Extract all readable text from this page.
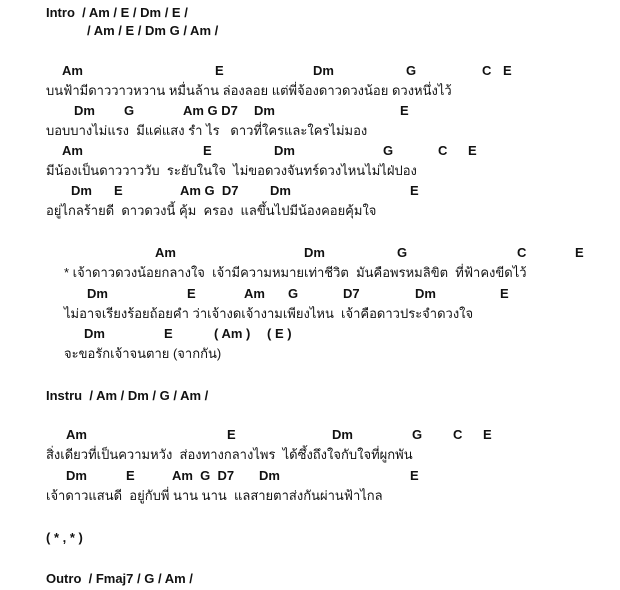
Intro  / Am / E / Dm / E /
/ Am / E / Dm G / Am /
Am	E	Dm	G	C E
บนฟ้ามีดาววาวหวาน หมื่นล้าน ล่องลอย แต่พี่จ้องดาวดวงน้อย ดวงหนึ่งไว้
Dm G	Am G D7 Dm	E
บอบบางไม่แรง  มีแค่แสง รำ ไร   ดาวที่ใครและใครไม่มอง
Am	E	Dm	G	C E
มีน้องเป็นดาววาววับ  ระยับในใจ  ไม่ขอดวงจันทร์ดวงไหนไม่ไฝ่ปอง
Dm E	Am G  D7 Dm	E
อยู่ไกลร้ายดี  ดาวดวงนี้ คุ้ม  ครอง  แลขึ้นไปมีน้องคอยคุ้มใจ
Am	Dm	G	C	E
* เจ้าดาวดวงน้อยกลางใจ  เจ้ามีความหมายเท่าชีวิต  มันคือพรหมลิขิต  ที่ฟ้าคงขีดไว้
Dm	E	Am G	D7	Dm	E
ไม่อาจเรียงร้อยถ้อยคำ ว่าเจ้างดเจ้างามเพียงไหน  เจ้าคือดาวประจำดวงใจ
Dm	E	( Am ) ( E )
จะขอรักเจ้าจนตาย (จากกัน)
Am	E	Dm	G C E
สิ่งเดียวที่เป็นความหวัง  ส่องทางกลางไพร  ได้ซึ้งถึงใจกับใจที่ผูกพัน
Dm	E	Am  G  D7 Dm	E
เจ้าดาวแสนดี  อยู่กับพี่ นาน นาน  แลสายตาส่งกันผ่านฟ้าไกล
Instru  / Am / Dm / G / Am /
( * , * )
Outro  / Fmaj7 / G / Am /
